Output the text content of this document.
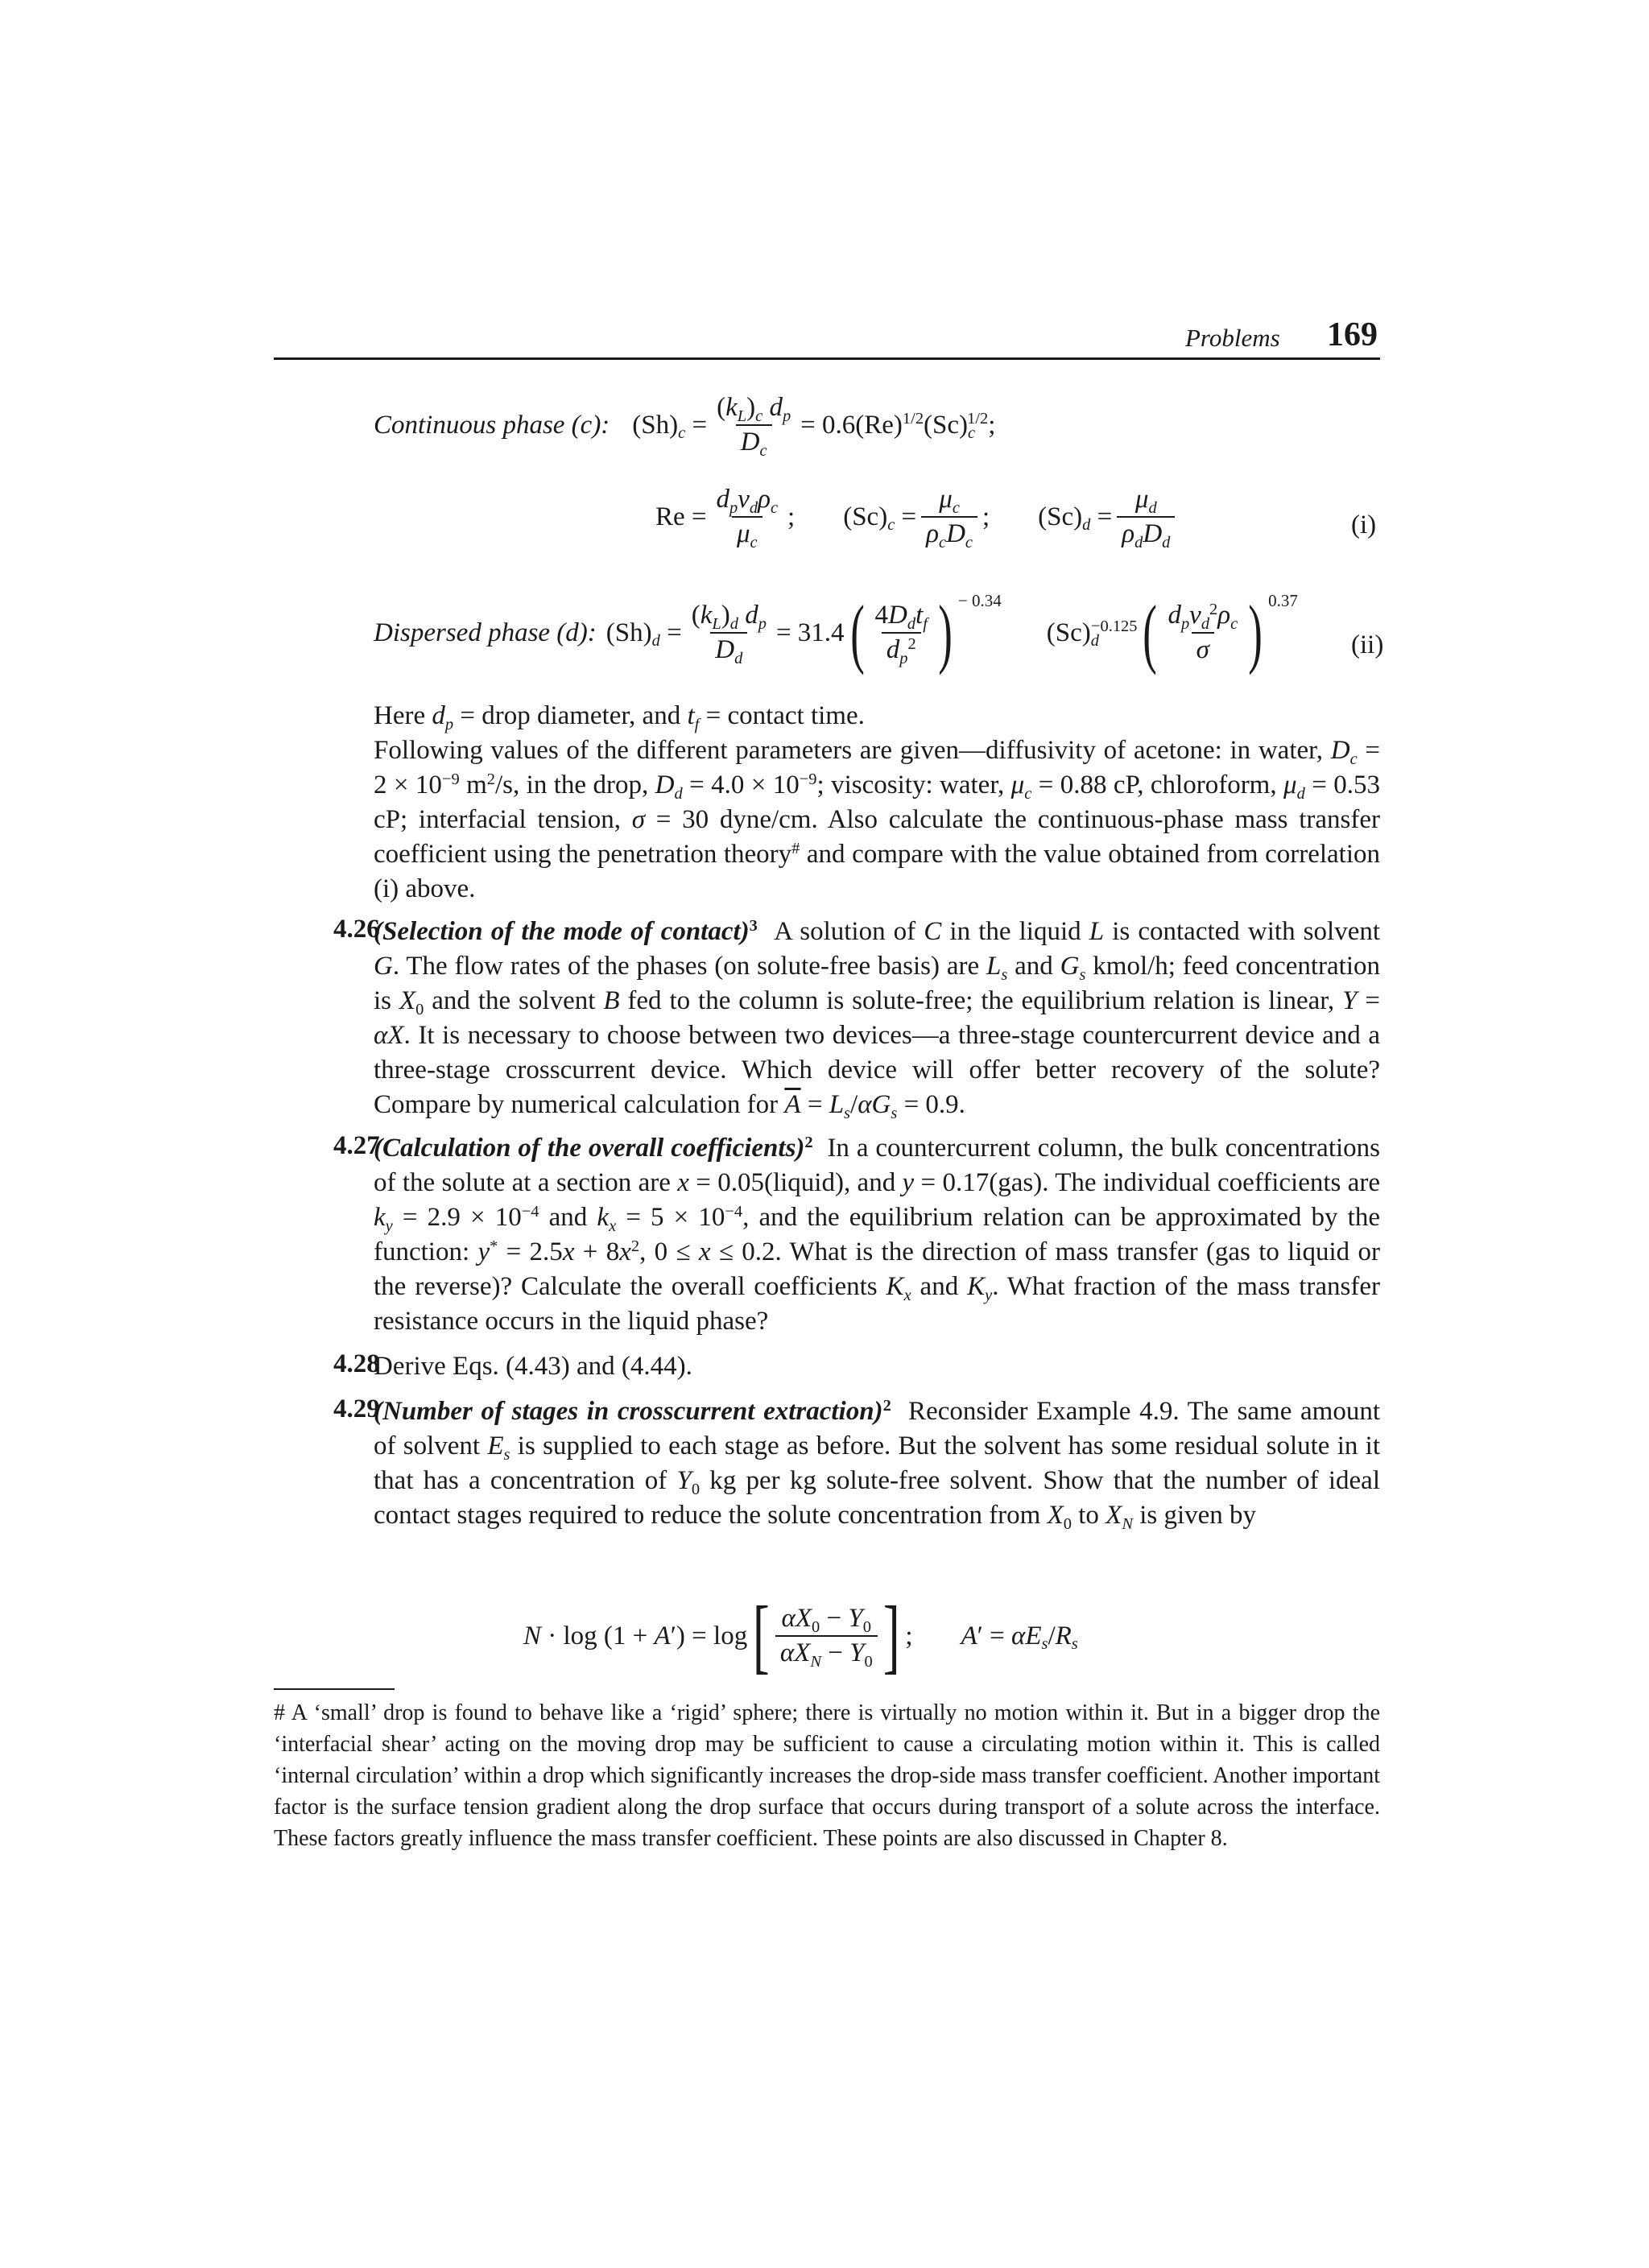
Problems 169
Continuous phase (c): $(Sh)_c = \frac{(k_L)_c d_p}{D_c} = 0.6(Re)^{1/2}(Sc)_c^{1/2}$;
$Re = \frac{d_pv_d\rho_c}{\mu_c}$ ; $(Sc)_c = \frac{\mu_c}{\rho_cD_c}$ ; $(Sc)_d = \frac{\mu_d}{\rho_dD_d}$	(i)
Dispersed phase (d): $(Sh)_d = \frac{(k_L)_d d_p}{D_d} = 31.4$ ( $\frac{4D_dt_f}{d_p^2}$ ) − 0.34
$(Sc)_d^{-0.125}$ ( $\frac{d_pv_d^2\rho_c}{\sigma}$ ) 0.37
(ii)
Here $d_p$ = drop diameter, and $t_f$ = contact time.
Following values of the different parameters are given—diffusivity of acetone: in water, $D_c = 2 \times 10^{-9}$ $m^2/s$, in the drop, $D_d = 4.0 \times 10^{-9}$; viscosity: water, $\mu_c = 0.88$ cP, chloroform, $\mu_d = 0.53$ cP; interfacial tension, σ = 30 dyne/cm. Also calculate the continuous-phase mass transfer coefficient using the penetration theory# and compare with the value obtained from correlation (i) above.
4.26
(Selection of the mode of contact)$^3$  A solution of C in the liquid L is contacted with solvent G. The flow rates of the phases (on solute-free basis) are $L_s$ and $G_s$ kmol/h; feed concentration is $X_0$ and the solvent B fed to the column is solute-free; the equilibrium relation is linear, Y = αX. It is necessary to choose between two devices—a three-stage countercurrent device and a three-stage crosscurrent device. Which device will offer better recovery of the solute? Compare by numerical calculation for $\overline{A} = L_s/\alpha G_s = 0.9$.
4.27
(Calculation of the overall coefficients)$^2$  In a countercurrent column, the bulk concentrations of the solute at a section are x = 0.05(liquid), and y = 0.17(gas). The individual coefficients are $k_y = 2.9 \times 10^{-4}$ and $k_x = 5 \times 10^{-4}$, and the equilibrium relation can be approximated by the function: $y^* = 2.5x + 8x^2$, 0 ≤ x ≤ 0.2. What is the direction of mass transfer (gas to liquid or the reverse)? Calculate the overall coefficients $K_x$ and $K_y$. What fraction of the mass transfer resistance occurs in the liquid phase?
4.28
Derive Eqs. (4.43) and (4.44).
4.29
(Number of stages in crosscurrent extraction)$^2$  Reconsider Example 4.9. The same amount of solvent $E_s$ is supplied to each stage as before. But the solvent has some residual solute in it that has a concentration of $Y_0$ kg per kg solute-free solvent. Show that the number of ideal contact stages required to reduce the solute concentration from $X_0$ to $X_N$ is given by
N · log (1 + A′) = log [ $\frac{\alpha X_0 - Y_0}{\alpha X_N - Y_0}$ ] ; $A' = \alpha E_s/R_s$
# A ‘small’ drop is found to behave like a ‘rigid’ sphere; there is virtually no motion within it. But in a bigger drop the ‘interfacial shear’ acting on the moving drop may be sufficient to cause a circulating motion within it. This is called ‘internal circulation’ within a drop which significantly increases the drop-side mass transfer coefficient. Another important factor is the surface tension gradient along the drop surface that occurs during transport of a solute across the interface. These factors greatly influence the mass transfer coefficient. These points are also discussed in Chapter 8.
